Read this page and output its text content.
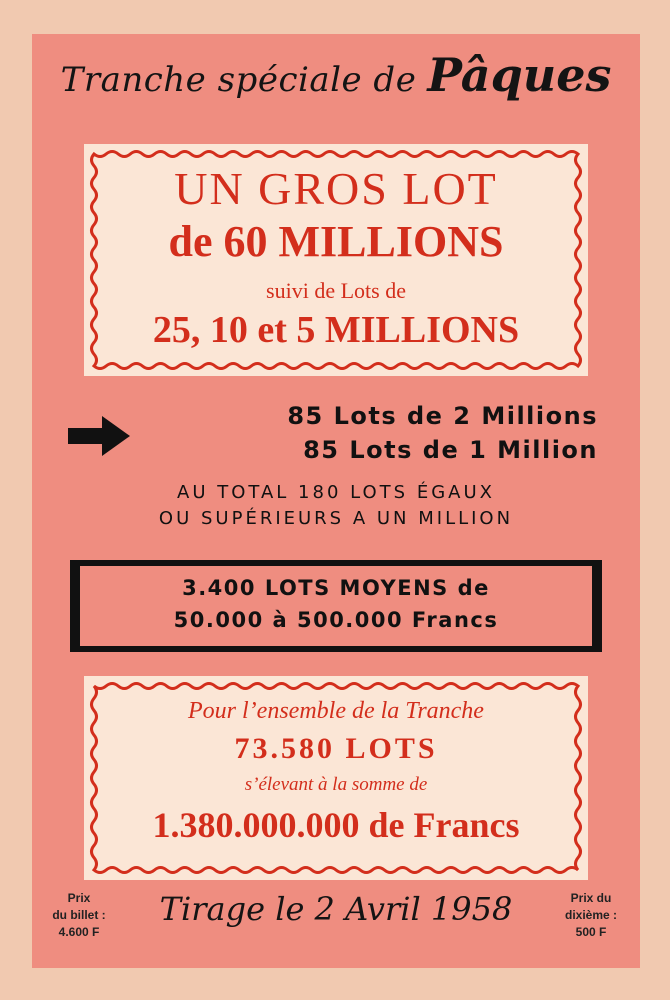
Tranche spéciale de Pâques
UN GROS LOT
de 60 MILLIONS
suivi de Lots de
25, 10 et 5 MILLIONS
85 Lots de 2 Millions
85 Lots de 1 Million
AU TOTAL 180 LOTS ÉGAUX
OU SUPÉRIEURS A UN MILLION
3.400 LOTS MOYENS de
50.000 à 500.000 Francs
Pour l’ensemble de la Tranche
73.580 LOTS
s’élevant à la somme de
1.380.000.000 de Francs
Prix
du billet :
4.600 F
Tirage le 2 Avril 1958	Prix du
dixième :
500 F
